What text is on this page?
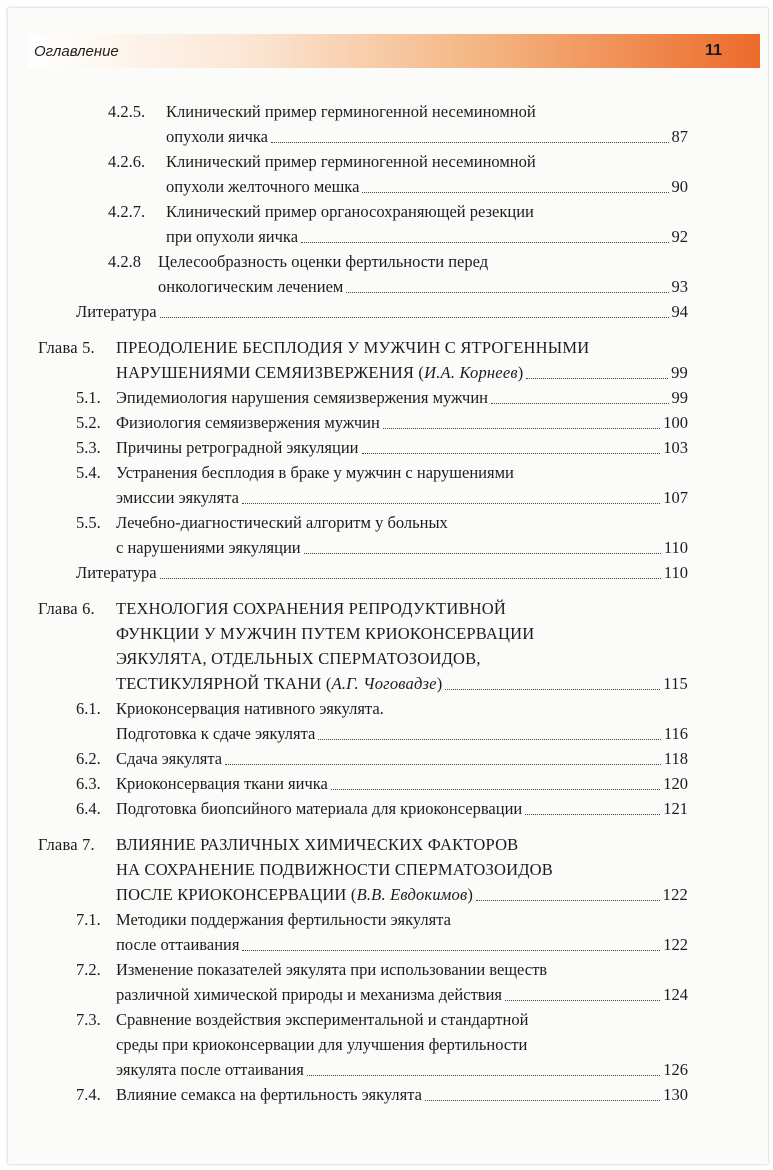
Оглавление	11
4.2.5.	Клинический пример герминогенной несеминомной
опухоли яичка	87
4.2.6.	Клинический пример герминогенной несеминомной
опухоли желточного мешка	90
4.2.7.	Клинический пример органосохраняющей резекции
при опухоли яичка	92
4.2.8	Целесообразность оценки фертильности перед
онкологическим лечением	93
Литература	94
Глава 5.	ПРЕОДОЛЕНИЕ БЕСПЛОДИЯ У МУЖЧИН С ЯТРОГЕННЫМИ
НАРУШЕНИЯМИ СЕМЯИЗВЕРЖЕНИЯ ( И.А. Корнеев )	99
5.1. Эпидемиология нарушения семяизвержения мужчин	99
5.2. Физиология семяизвержения мужчин	100
5.3. Причины ретроградной эякуляции	103
5.4. Устранения бесплодия в браке у мужчин с нарушениями
эмиссии эякулята	107
5.5. Лечебно-диагностический алгоритм у больных
с нарушениями эякуляции	110
Литература	110
Глава 6.	ТЕХНОЛОГИЯ СОХРАНЕНИЯ РЕПРОДУКТИВНОЙ
ФУНКЦИИ У МУЖЧИН ПУТЕМ КРИОКОНСЕРВАЦИИ
ЭЯКУЛЯТА, ОТДЕЛЬНЫХ СПЕРМАТОЗОИДОВ,
ТЕСТИКУЛЯРНОЙ ТКАНИ ( А.Г. Чоговадзе )	115
6.1. Криоконсервация нативного эякулята.
Подготовка к сдаче эякулята	116
6.2. Сдача эякулята	118
6.3. Криоконсервация ткани яичка	120
6.4. Подготовка биопсийного материала для криоконсервации	121
Глава 7.	ВЛИЯНИЕ РАЗЛИЧНЫХ ХИМИЧЕСКИХ ФАКТОРОВ
НА СОХРАНЕНИЕ ПОДВИЖНОСТИ СПЕРМАТОЗОИДОВ
ПОСЛЕ КРИОКОНСЕРВАЦИИ ( В.В. Евдокимов )	122
7.1. Методики поддержания фертильности эякулята
после оттаивания	122
7.2. Изменение показателей эякулята при использовании веществ
различной химической природы и механизма действия	124
7.3. Сравнение воздействия экспериментальной и стандартной
среды при криоконсервации для улучшения фертильности
эякулята после оттаивания	126
7.4. Влияние семакса на фертильность эякулята	130
